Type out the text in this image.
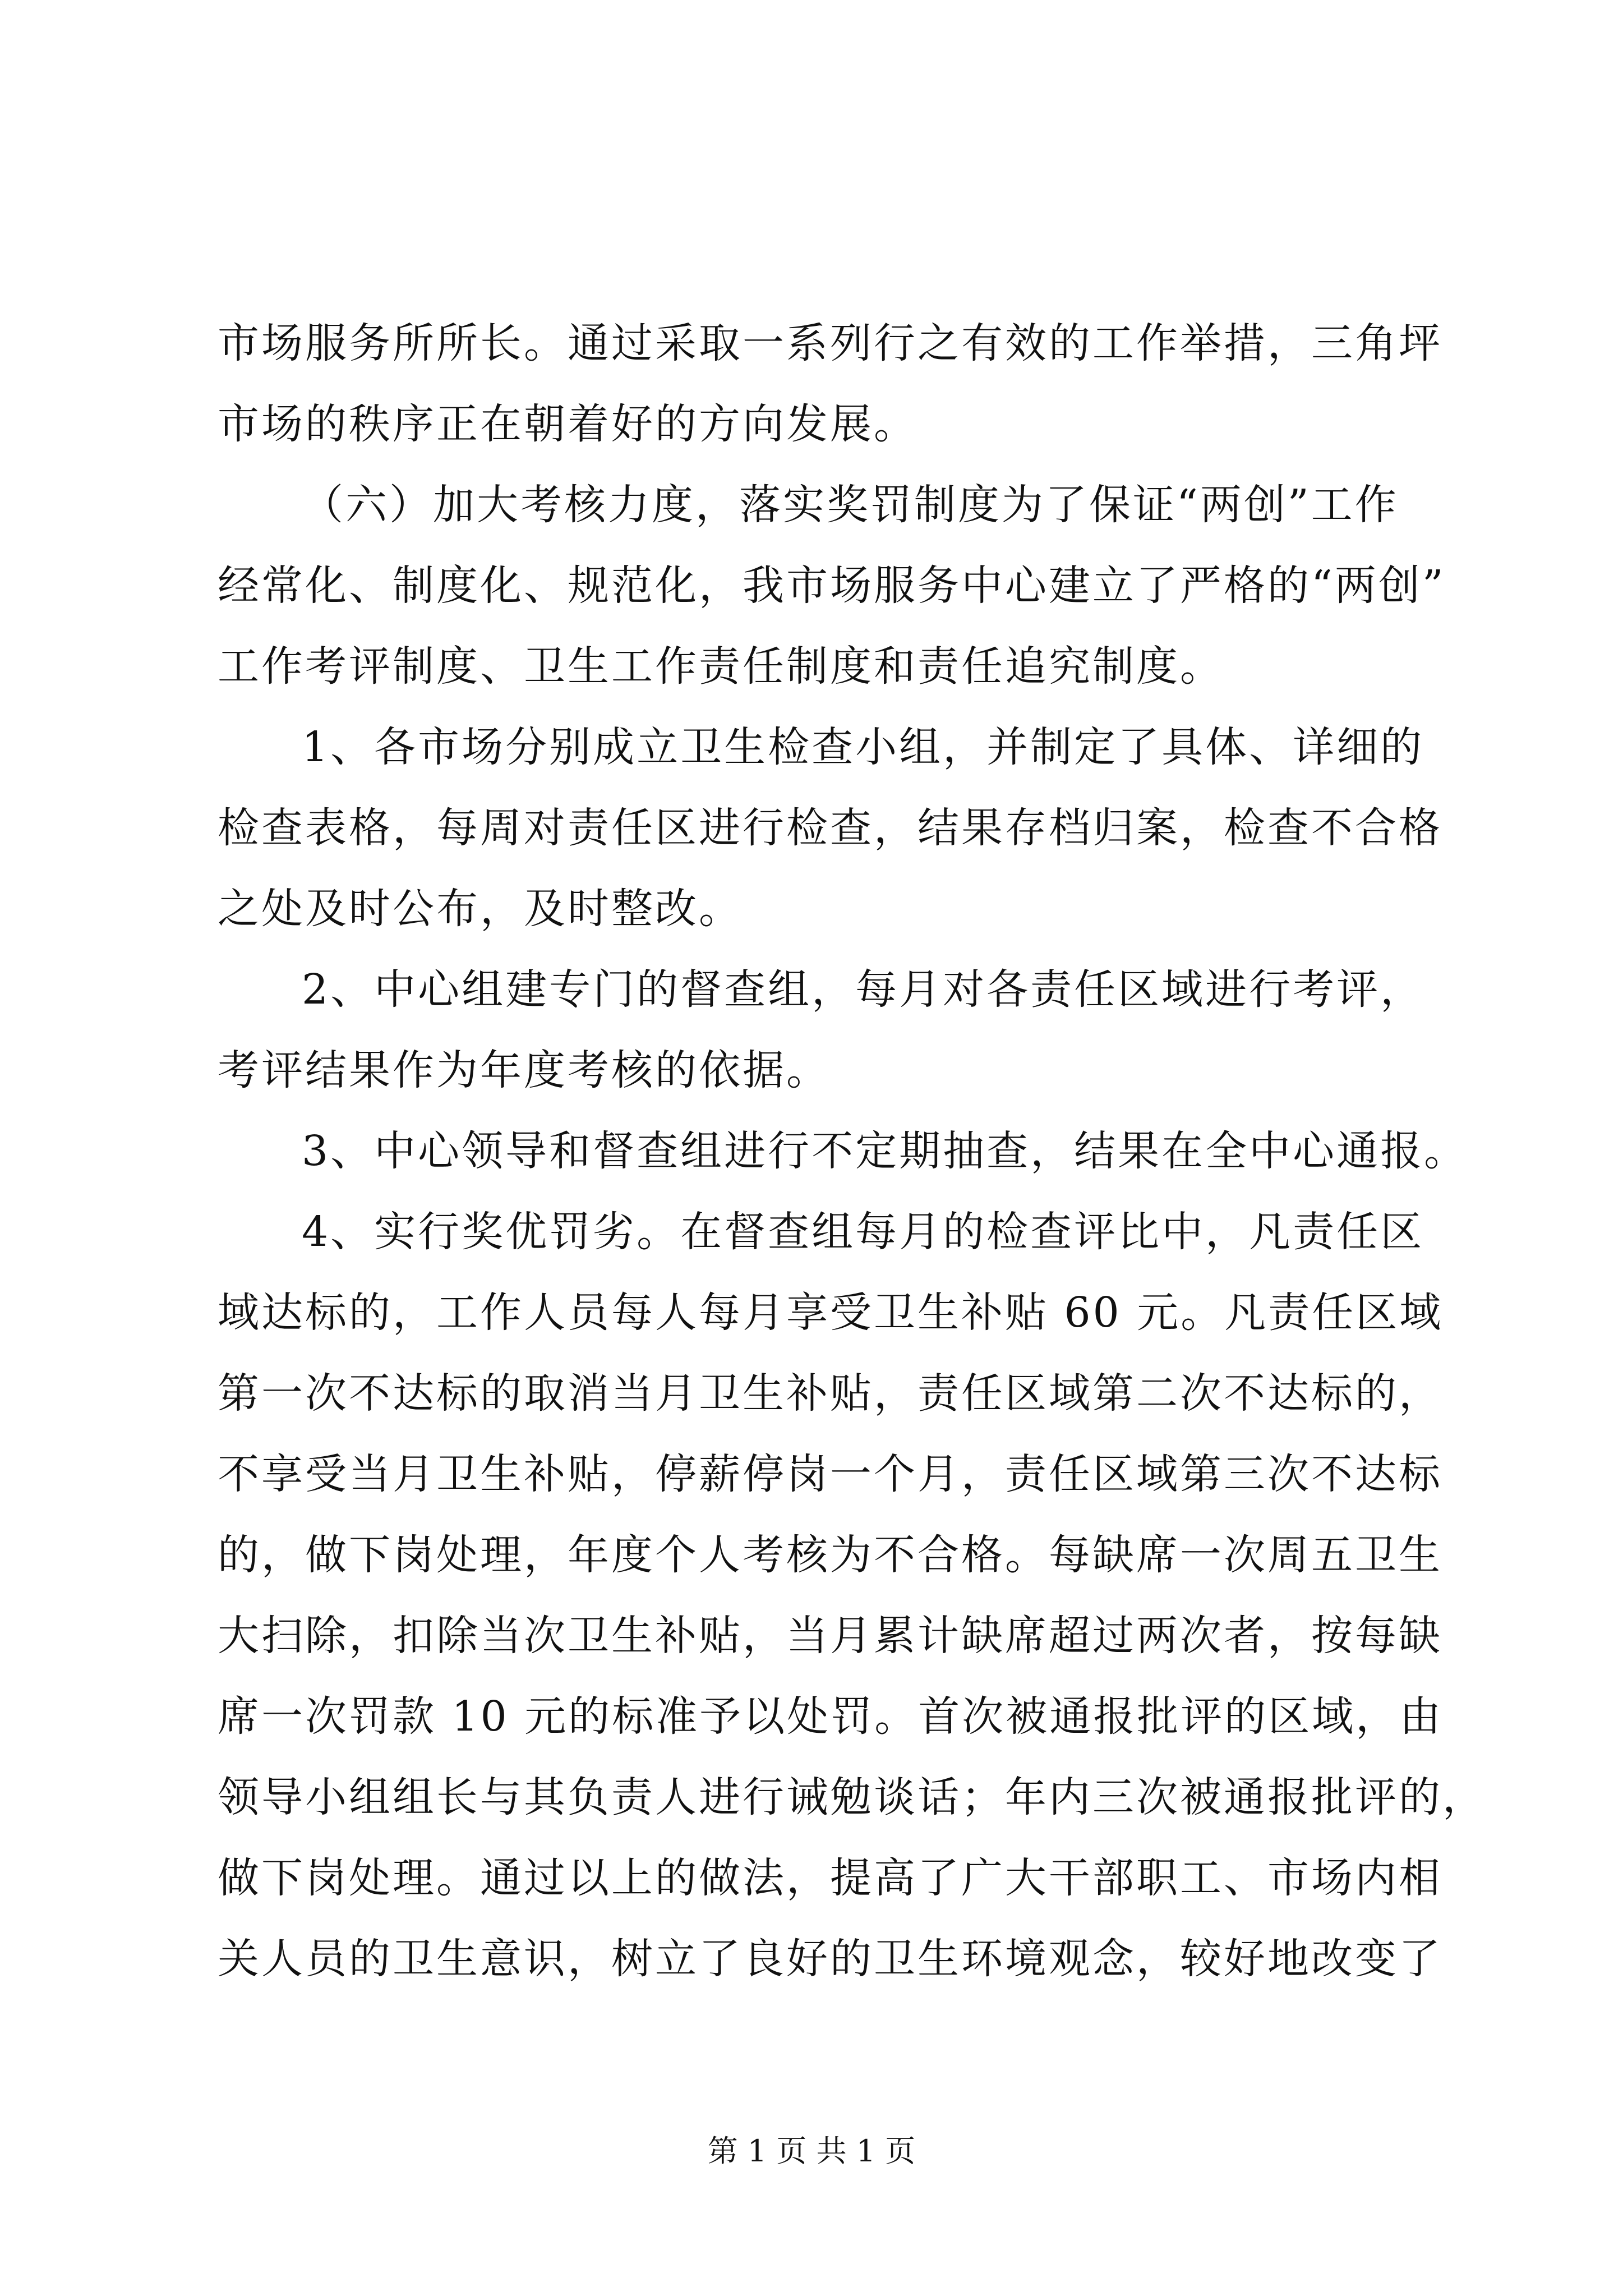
市场服务所所长。通过采取一系列行之有效的工作举措，三角坪
市场的秩序正在朝着好的方向发展。
（六）加大考核力度，落实奖罚制度为了保证“两创”工作
经常化、制度化、规范化，我市场服务中心建立了严格的“两创”
工作考评制度、卫生工作责任制度和责任追究制度。
1、各市场分别成立卫生检查小组，并制定了具体、详细的
检查表格，每周对责任区进行检查，结果存档归案，检查不合格
之处及时公布，及时整改。
2、中心组建专门的督查组，每月对各责任区域进行考评，
考评结果作为年度考核的依据。
3、中心领导和督查组进行不定期抽查，结果在全中心通报。
4、实行奖优罚劣。在督查组每月的检查评比中，凡责任区
域达标的，工作人员每人每月享受卫生补贴 60 元。凡责任区域
第一次不达标的取消当月卫生补贴，责任区域第二次不达标的，
不享受当月卫生补贴，停薪停岗一个月，责任区域第三次不达标
的，做下岗处理，年度个人考核为不合格。每缺席一次周五卫生
大扫除，扣除当次卫生补贴，当月累计缺席超过两次者，按每缺
席一次罚款 10 元的标准予以处罚。首次被通报批评的区域，由
领导小组组长与其负责人进行诫勉谈话；年内三次被通报批评的，
做下岗处理。通过以上的做法，提高了广大干部职工、市场内相
关人员的卫生意识，树立了良好的卫生环境观念，较好地改变了
第 1 页 共 1 页
